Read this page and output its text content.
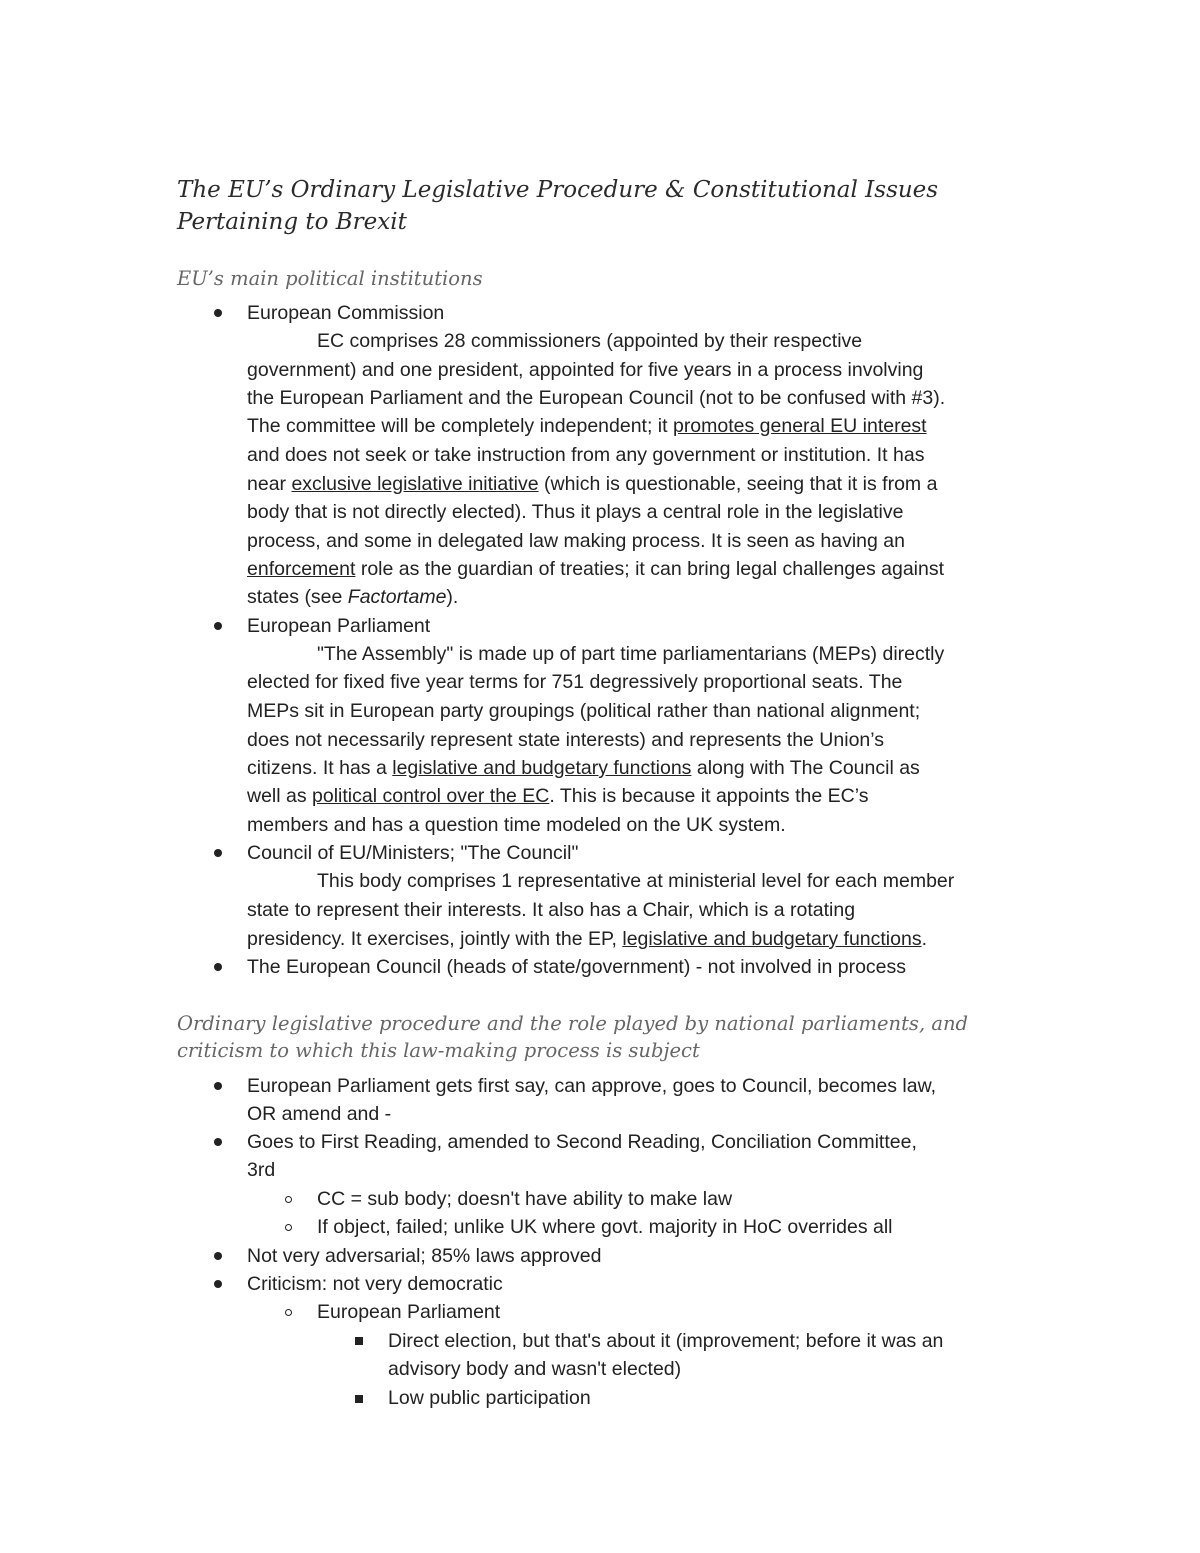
The EU’s Ordinary Legislative Procedure & Constitutional Issues
Pertaining to Brexit
EU’s main political institutions
European Commission
EC comprises 28 commissioners (appointed by their respective
government) and one president, appointed for five years in a process involving
the European Parliament and the European Council (not to be confused with #3).
The committee will be completely independent; it promotes general EU interest
and does not seek or take instruction from any government or institution. It has
near exclusive legislative initiative (which is questionable, seeing that it is from a
body that is not directly elected). Thus it plays a central role in the legislative
process, and some in delegated law making process. It is seen as having an
enforcement role as the guardian of treaties; it can bring legal challenges against
states (see Factortame).
European Parliament
"The Assembly" is made up of part time parliamentarians (MEPs) directly
elected for fixed five year terms for 751 degressively proportional seats. The
MEPs sit in European party groupings (political rather than national alignment;
does not necessarily represent state interests) and represents the Union’s
citizens. It has a legislative and budgetary functions along with The Council as
well as political control over the EC. This is because it appoints the EC’s
members and has a question time modeled on the UK system.
Council of EU/Ministers; "The Council"
This body comprises 1 representative at ministerial level for each member
state to represent their interests. It also has a Chair, which is a rotating
presidency. It exercises, jointly with the EP, legislative and budgetary functions.
The European Council (heads of state/government) - not involved in process
Ordinary legislative procedure and the role played by national parliaments, and
criticism to which this law-making process is subject
European Parliament gets first say, can approve, goes to Council, becomes law,
OR amend and -
Goes to First Reading, amended to Second Reading, Conciliation Committee,
3rd
CC = sub body; doesn't have ability to make law
If object, failed; unlike UK where govt. majority in HoC overrides all
Not very adversarial; 85% laws approved
Criticism: not very democratic
European Parliament
Direct election, but that's about it (improvement; before it was an
advisory body and wasn't elected)
Low public participation
